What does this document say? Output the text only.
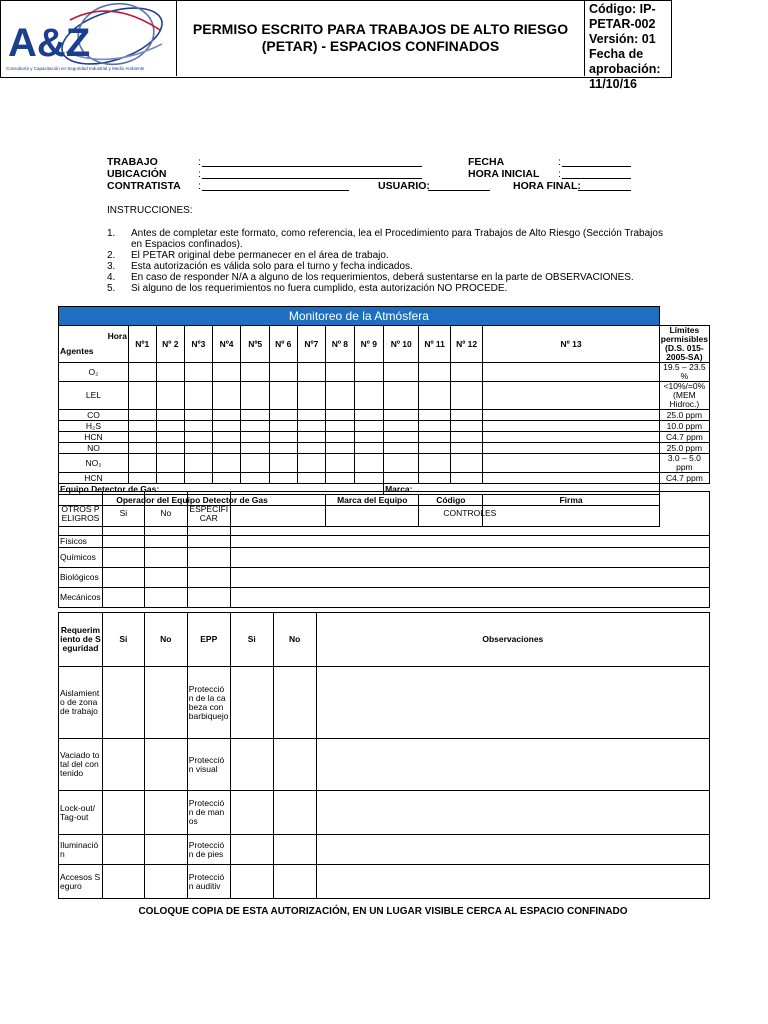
A&Z
Consultoría y Capacitación en Seguridad Industrial y Medio Ambiente
PERMISO ESCRITO PARA TRABAJOS DE ALTO RIESGO (PETAR) - ESPACIOS CONFINADOS
Código: IP-PETAR-002
Versión: 01
Fecha de aprobación: 11/10/16
TRABAJO	:
UBICACIÓN	:
CONTRATISTA :	USUARIO:
FECHA	:
HORA INICIAL :
HORA FINAL:
INSTRUCCIONES:
1. Antes de completar este formato, como referencia, lea el Procedimiento para Trabajos de Alto Riesgo (Sección Trabajos en Espacios confinados).
2. El PETAR original debe permanecer en el área de trabajo.
3. Esta autorización es válida solo para el turno y fecha indicados.
4. En caso de responder N/A a alguno de los requerimientos, deberá sustentarse en la parte de OBSERVACIONES.
5. Si alguno de los requerimientos no fuera cumplido, esta autorización NO PROCEDE.
Monitoreo de la Atmósfera														

Hora
Agentes	Nº1	Nº 2	Nº3	Nº4	Nº5	Nº 6	Nº7	Nº 8	Nº 9	Nº 10	Nº 11	Nº 12	Nº 13	Límites permisibles (D.S. 015-2005-SA)
O₂														19.5 – 23.5 %
LEL														<10%/=0% (MEM Hidroc.)
CO														25.0 ppm
H₂S														10.0 ppm
HCN														C4.7 ppm
NO														25.0 ppm
NO₂														3.0 – 5.0 ppm
HCN														C4.7 ppm
Equipo Detector de Gas:										Marca:				
Operador del Equipo Detector de Gas								Marca del Equipo			Código		Firma	

OTROS PELIGROS	Si	No	ESPECIFICAR	CONTROLES
Físicos				
Químicos				
Biológicos				
Mecánicos				
Requerimiento de Seguridad	Si	No	EPP	Si	No	Observaciones
Aislamiento de zona de trabajo			Protección de la cabeza con barbiquejo			
Vaciado total del contenido			Protección visual			
Lock-out/ Tag-out			Protección de manos			
Iluminación			Protección de pies			
Accesos Seguro			Protección auditiv			
COLOQUE COPIA DE ESTA AUTORIZACIÓN, EN UN LUGAR VISIBLE CERCA AL ESPACIO CONFINADO
